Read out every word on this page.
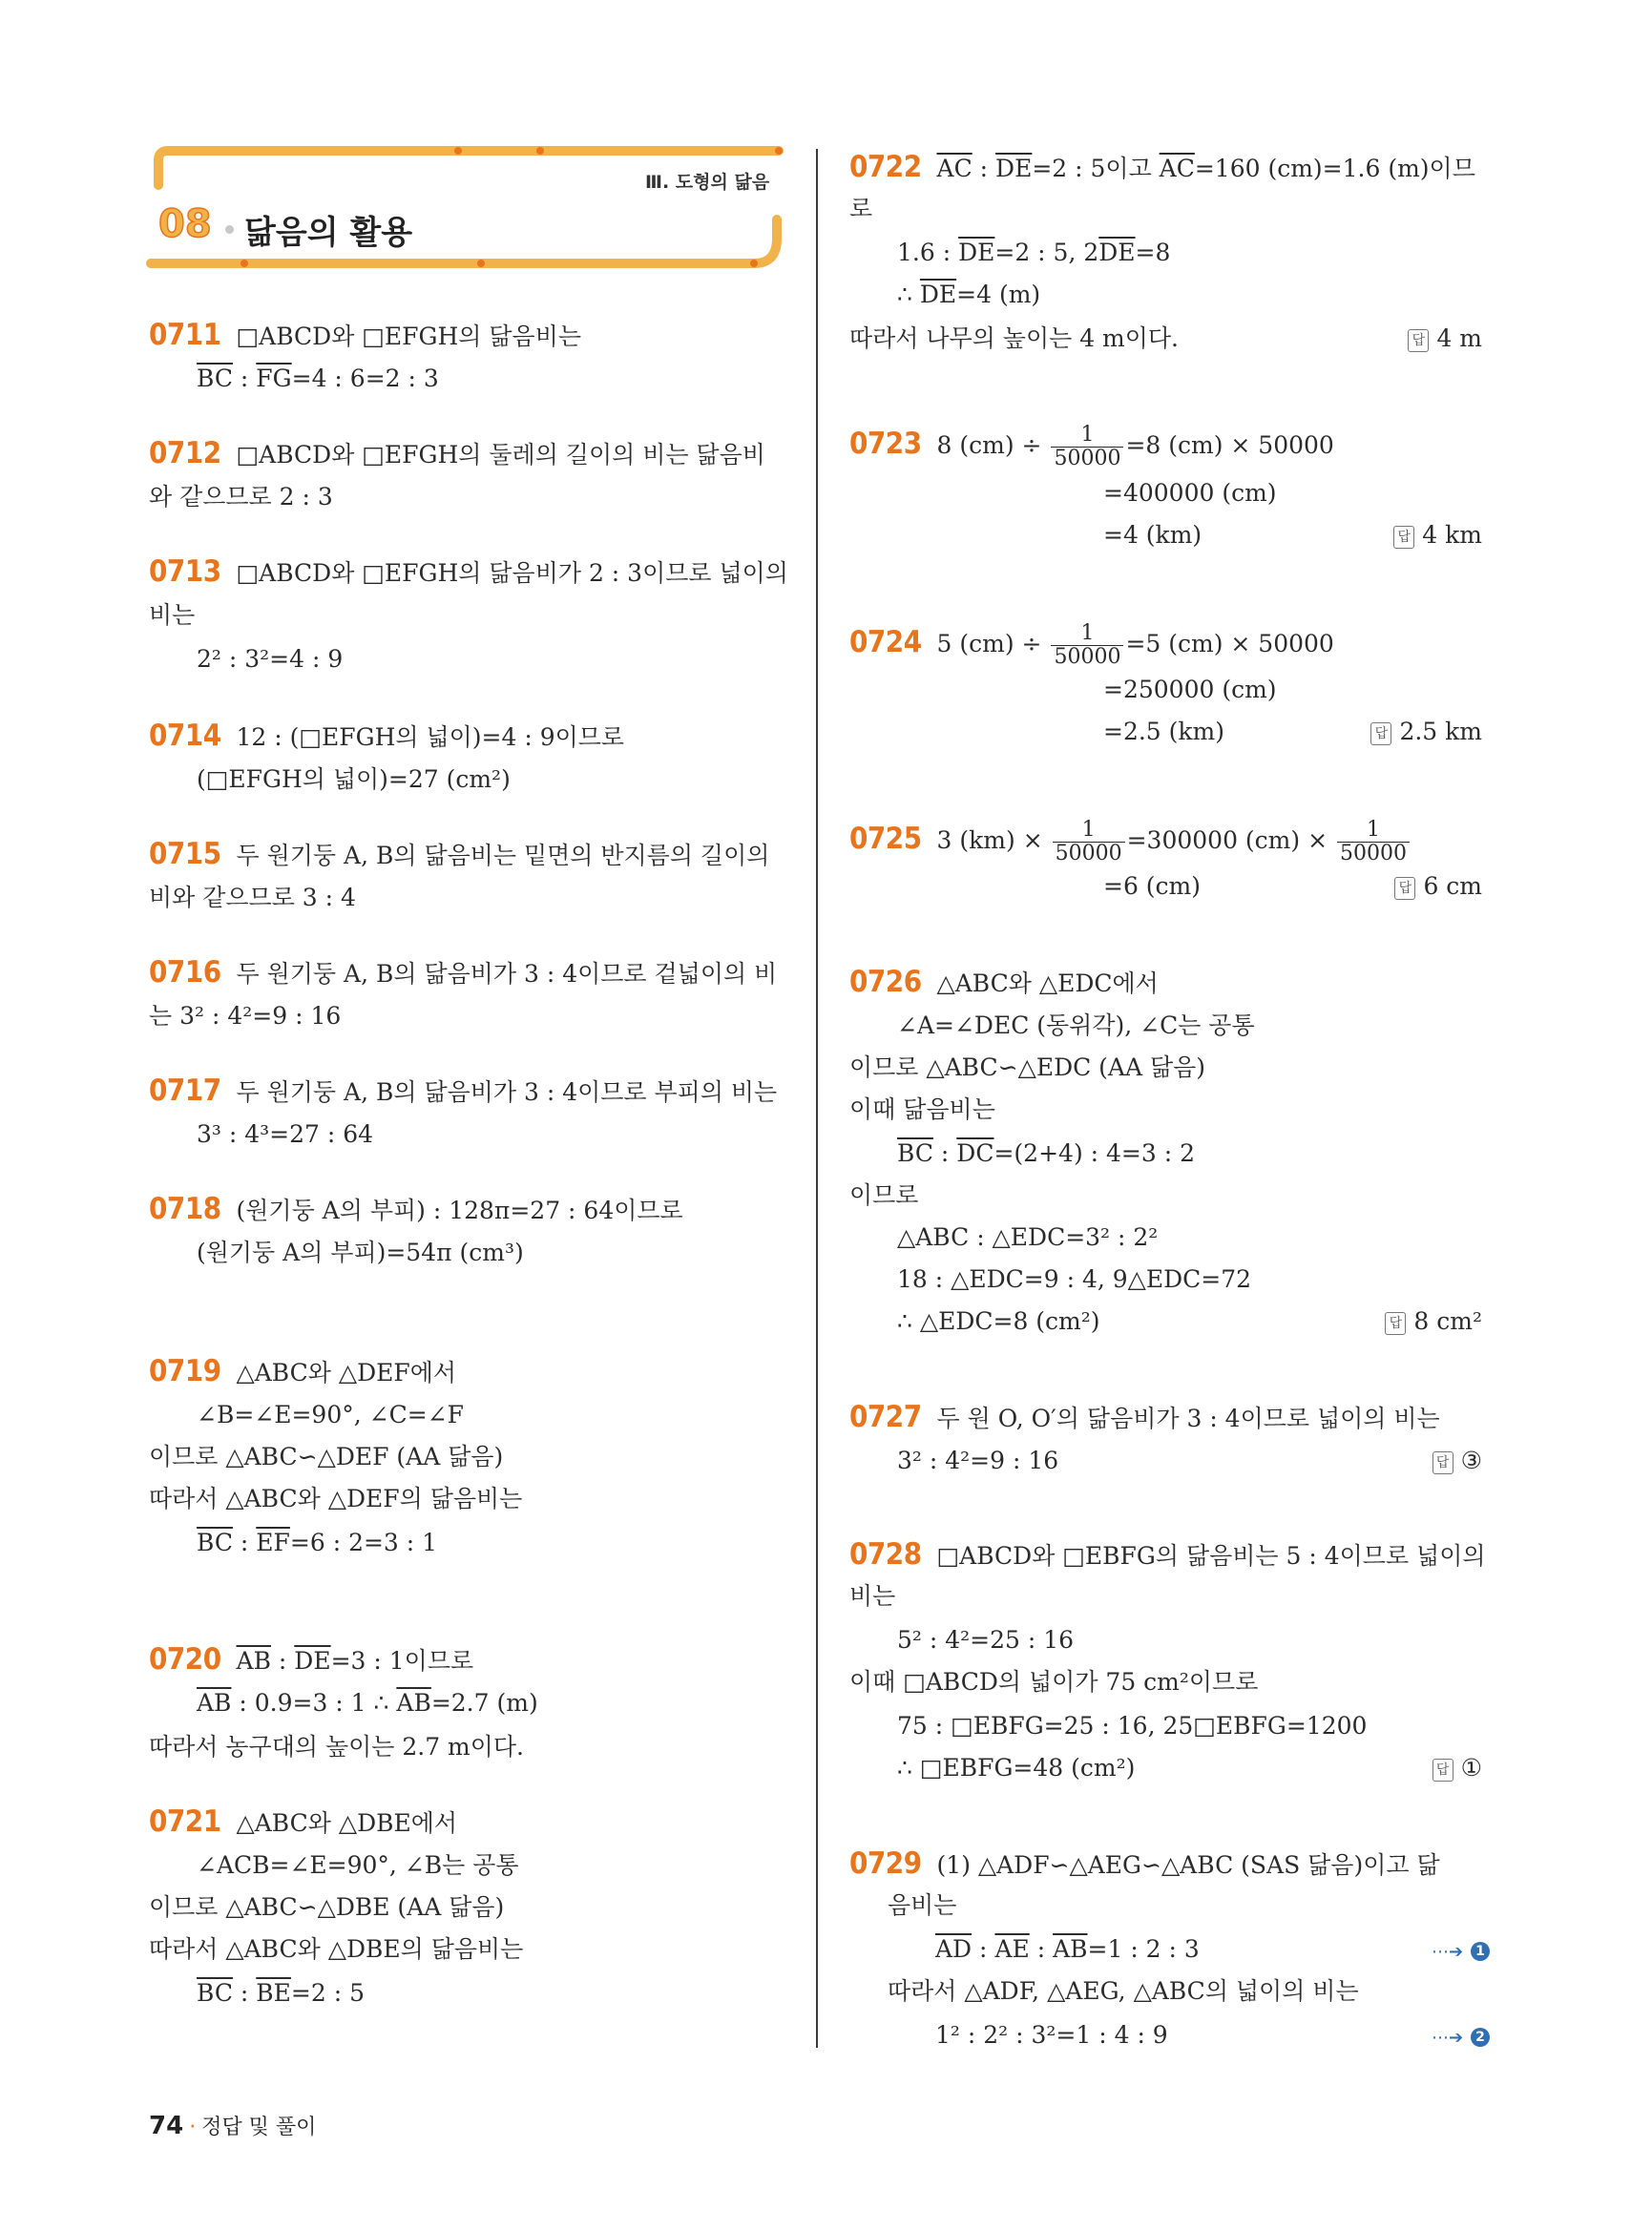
Ⅲ. 도형의 닮음
08 닮음의 활용
0711 □ABCD와 □EFGH의 닮음비는
$\overline{BC}$ : $\overline{FG}=4$ : 6=2 : 3
0712 □ABCD와 □EFGH의 둘레의 길이의 비는 닮음비
와 같으므로 2 : 3
0713 □ABCD와 □EFGH의 닮음비가 2 : 3이므로 넓이의
비는
2² : 3²=4 : 9
0714 12 : (□EFGH의 넓이)=4 : 9이므로
(□EFGH의 넓이)=27 (cm²)
0715 두 원기둥 A, B의 닮음비는 밑면의 반지름의 길이의
비와 같으므로 3 : 4
0716 두 원기둥 A, B의 닮음비가 3 : 4이므로 겉넓이의 비
는 3² : 4²=9 : 16
0717 두 원기둥 A, B의 닮음비가 3 : 4이므로 부피의 비는
3³ : 4³=27 : 64
0718 (원기둥 A의 부피) : 128π=27 : 64이므로
(원기둥 A의 부피)=54π (cm³)
0719 △ABC와 △DEF에서
∠B=∠E=90°, ∠C=∠F
이므로 △ABC∽△DEF (AA 닮음)
따라서 △ABC와 △DEF의 닮음비는
$\overline{BC}$ : $\overline{EF}=6$ : 2=3 : 1
0720 $\overline{AB}$ : $\overline{DE}=3$ : 1이므로
$\overline{AB}$ : 0.9=3 : 1 ∴ $\overline{AB}=2.7$ (m)
따라서 농구대의 높이는 2.7 m이다.
0721 △ABC와 △DBE에서
∠ACB=∠E=90°, ∠B는 공통
이므로 △ABC∽△DBE (AA 닮음)
따라서 △ABC와 △DBE의 닮음비는
$\overline{BC}$ : $\overline{BE}=2$ : 5
0722 $\overline{AC}$ : $\overline{DE}=2$ : 5이고 $\overline{AC}=160$ (cm)=1.6 (m)이므
로
1.6 : $\overline{DE}=2$ : 5, $2\overline{DE}=8$
∴ $\overline{DE}=4$ (m)
따라서 나무의 높이는 4 m이다.	답 4 m
0723 8 $(cm) \div \frac{1}{50000} =8$ (cm) × 50000
=400000 (cm)
=4 (km)	답 4 km
0724 5 $(cm) \div \frac{1}{50000} =5$ (cm) × 50000
=250000 (cm)
=2.5 (km)	답 2.5 km
0725 3 $(km) \times \frac{1}{50000} =300000$ $(cm) \times \frac{1}{50000}$
=6 (cm)	답 6 cm
0726 △ABC와 △EDC에서
∠A=∠DEC (동위각), ∠C는 공통
이므로 △ABC∽△EDC (AA 닮음)
이때 닮음비는
$\overline{BC}$ : $\overline{DC}=(2+4)$ : 4=3 : 2
이므로
△ABC : △EDC=3² : 2²
18 : △EDC=9 : 4, 9△EDC=72
∴ △EDC=8 (cm²)	답 8 cm²
0727 두 원 O, O′의 닮음비가 3 : 4이므로 넓이의 비는
3² : 4²=9 : 16	답 ③
0728 □ABCD와 □EBFG의 닮음비는 5 : 4이므로 넓이의
비는
5² : 4²=25 : 16
이때 □ABCD의 넓이가 75 cm²이므로
75 : □EBFG=25 : 16, 25□EBFG=1200
∴ □EBFG=48 (cm²)	답 ①
0729 (1) △ADF∽△AEG∽△ABC (SAS 닮음)이고 닮
음비는
$\overline{AD}$ : $\overline{AE}$ : $\overline{AB}=1$ : 2 : 3	⋯➔ 1
따라서 △ADF, △AEG, △ABC의 넓이의 비는
1² : 2² : 3²=1 : 4 : 9	⋯➔ 2
74 · 정답 및 풀이
